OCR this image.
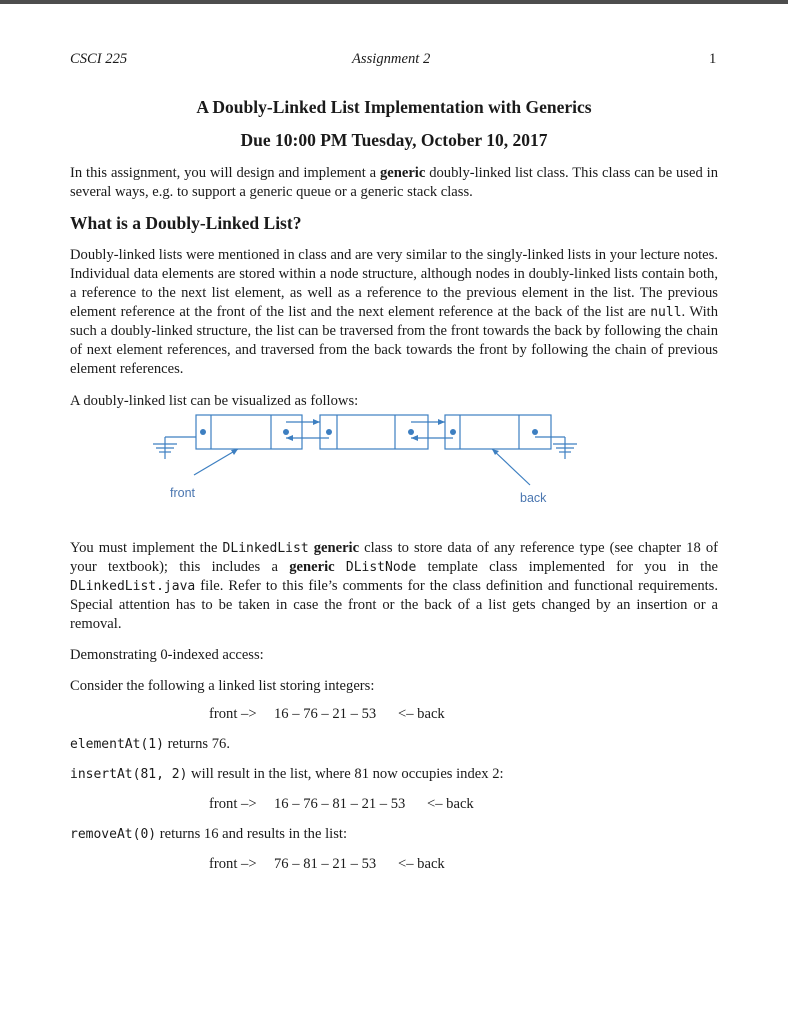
CSCI 225	Assignment 2	1
A Doubly-Linked List Implementation with Generics
Due 10:00 PM Tuesday, October 10, 2017
In this assignment, you will design and implement a generic doubly-linked list class. This class can be used in several ways, e.g. to support a generic queue or a generic stack class.
What is a Doubly-Linked List?
Doubly-linked lists were mentioned in class and are very similar to the singly-linked lists in your lecture notes. Individual data elements are stored within a node structure, although nodes in doubly-linked lists contain both, a reference to the next list element, as well as a reference to the previous element in the list. The previous element reference at the front of the list and the next element reference at the back of the list are null. With such a doubly-linked structure, the list can be traversed from the front towards the back by following the chain of next element references, and traversed from the back towards the front by following the chain of previous element references.
A doubly-linked list can be visualized as follows:
front	back
You must implement the DLinkedList generic class to store data of any reference type (see chapter 18 of your textbook); this includes a generic DListNode template class implemented for you in the DLinkedList.java file. Refer to this file’s comments for the class definition and functional requirements. Special attention has to be taken in case the front or the back of a list gets changed by an insertion or a removal.
Demonstrating 0-indexed access:
Consider the following a linked list storing integers:
front –> 16 – 76 – 21 – 53 <– back
elementAt(1) returns 76.
insertAt(81, 2) will result in the list, where 81 now occupies index 2:
front –> 16 – 76 – 81 – 21 – 53 <– back
removeAt(0) returns 16 and results in the list:
front –> 76 – 81 – 21 – 53 <– back
